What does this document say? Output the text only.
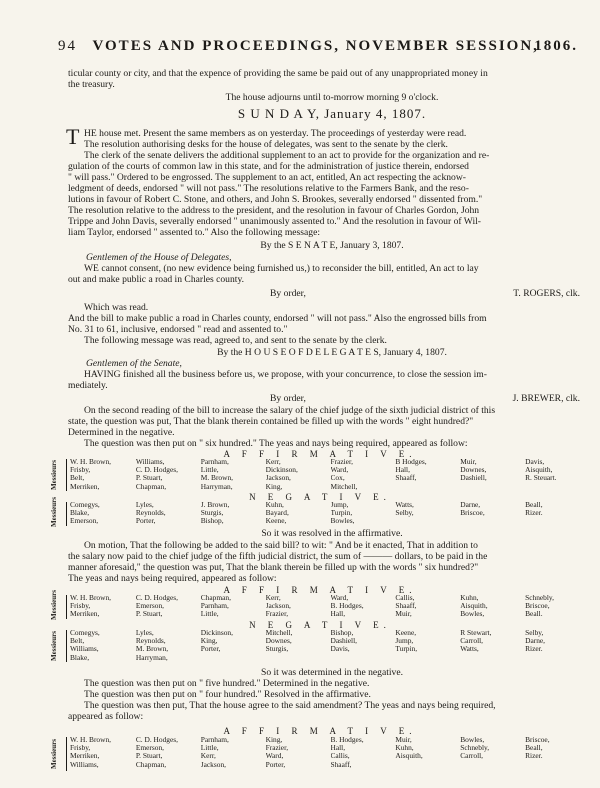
94 VOTES AND PROCEEDINGS, NOVEMBER SESSION,
1806.
ticular county or city, and that the expence of providing the same be paid out of any unappropriated money in
the treasury.
The house adjourns until to-morrow morning 9 o'clock.
S U N D A Y, January 4, 1807.
T HE house met. Present the same members as on yesterday. The proceedings of yesterday were read.
The resolution authorising desks for the house of delegates, was sent to the senate by the clerk.
The clerk of the senate delivers the additional supplement to an act to provide for the organization and re-
gulation of the courts of common law in this state, and for the administration of justice therein, endorsed
" will pass." Ordered to be engrossed. The supplement to an act, entitled, An act respecting the acknow-
ledgment of deeds, endorsed " will not pass." The resolutions relative to the Farmers Bank, and the reso-
lutions in favour of Robert C. Stone, and others, and John S. Brookes, severally endorsed " dissented from."
The resolution relative to the address to the president, and the resolution in favour of Charles Gordon, John
Trippe and John Davis, severally endorsed " unanimously assented to." And the resolution in favour of Wil-
liam Taylor, endorsed " assented to." Also the following message:
By the S E N A T E, January 3, 1807.
Gentlemen of the House of Delegates,
WE cannot consent, (no new evidence being furnished us,) to reconsider the bill, entitled, An act to lay
out and make public a road in Charles county.
By order,	T. ROGERS, clk.
Which was read.
And the bill to make public a road in Charles county, endorsed " will not pass." Also the engrossed bills from
No. 31 to 61, inclusive, endorsed " read and assented to."
The following message was read, agreed to, and sent to the senate by the clerk.
By the H O U S E O F D E L E G A T E S, January 4, 1807.
Gentlemen of the Senate,
HAVING finished all the business before us, we propose, with your concurrence, to close the session im-
mediately.
By order,	J. BREWER, clk.
On the second reading of the bill to increase the salary of the chief judge of the sixth judicial district of this
state, the question was put, That the blank therein contained be filled up with the words " eight hundred?"
Determined in the negative.
The question was then put on " six hundred." The yeas and nays being required, appeared as follow:
A F F I R M A T I V E.
Messieurs	W. H. Brown,	Williams,	Parnham,	Kerr,	Frazier,	B Hodges,	Muir,	Davis,
Frisby,	C. D. Hodges,	Little,	Dickinson,	Ward,	Hall,	Downes,	Aisquith,
Belt,	P. Stuart,	M. Brown,	Jackson,	Cox,	Shaaff,	Dashiell,	R. Steuart.
Merriken,	Chapman,	Harryman,	King,	Mitchell,
N E G A T I V E.
Messieurs	Comegys,	Lyles,	J. Brown,	Kuhn,	Jump,	Watts,	Darne,	Beall,
Blake,	Reynolds,	Sturgis,	Bayard,	Turpin,	Selby,	Briscoe,	Rizer.
Emerson,	Porter,	Bishop,	Keene,	Bowles,
So it was resolved in the affirmative.
On motion, That the following be added to the said bill? to wit: " And be it enacted, That in addition to
the salary now paid to the chief judge of the fifth judicial district, the sum of ——— dollars, to be paid in the
manner aforesaid," the question was put, That the blank therein be filled up with the words " six hundred?"
The yeas and nays being required, appeared as follow:
A F F I R M A T I V E.
Messieurs	W. H. Brown,	C. D. Hodges,	Chapman,	Kerr,	Ward,	Callis,	Kuhn,	Schnebly,
Frisby,	Emerson,	Parnham,	Jackson,	B. Hodges,	Shaaff,	Aisquith,	Briscoe,
Merriken,	P. Stuart,	Little,	Frazier,	Hall,	Muir,	Bowles,	Beall.
N E G A T I V E.
Messieurs	Comegys,	Lyles,	Dickinson,	Mitchell,	Bishop,	Keene,	R Stewart,	Selby,
Belt,	Reynolds,	King,	Downes,	Dashiell,	Jump,	Carroll,	Darne,
Williams,	M. Brown,	Porter,	Sturgis,	Davis,	Turpin,	Watts,	Rizer.
Blake,	Harryman,
So it was determined in the negative.
The question was then put on " five hundred." Determined in the negative.
The question was then put on " four hundred." Resolved in the affirmative.
The question was then put, That the house agree to the said amendment? The yeas and nays being required,
appeared as follow:
A F F I R M A T I V E.
Messieurs	W. H. Brown,	C. D. Hodges,	Parnham,	King,	B. Hodges,	Muir,	Bowles,	Briscoe,
Frisby,	Emerson,	Little,	Frazier,	Hall,	Kuhn,	Schnebly,	Beall,
Merriken,	P. Stuart,	Kerr,	Ward,	Callis,	Aisquith,	Carroll,	Rizer.
Williams,	Chapman,	Jackson,	Porter,	Shaaff,
